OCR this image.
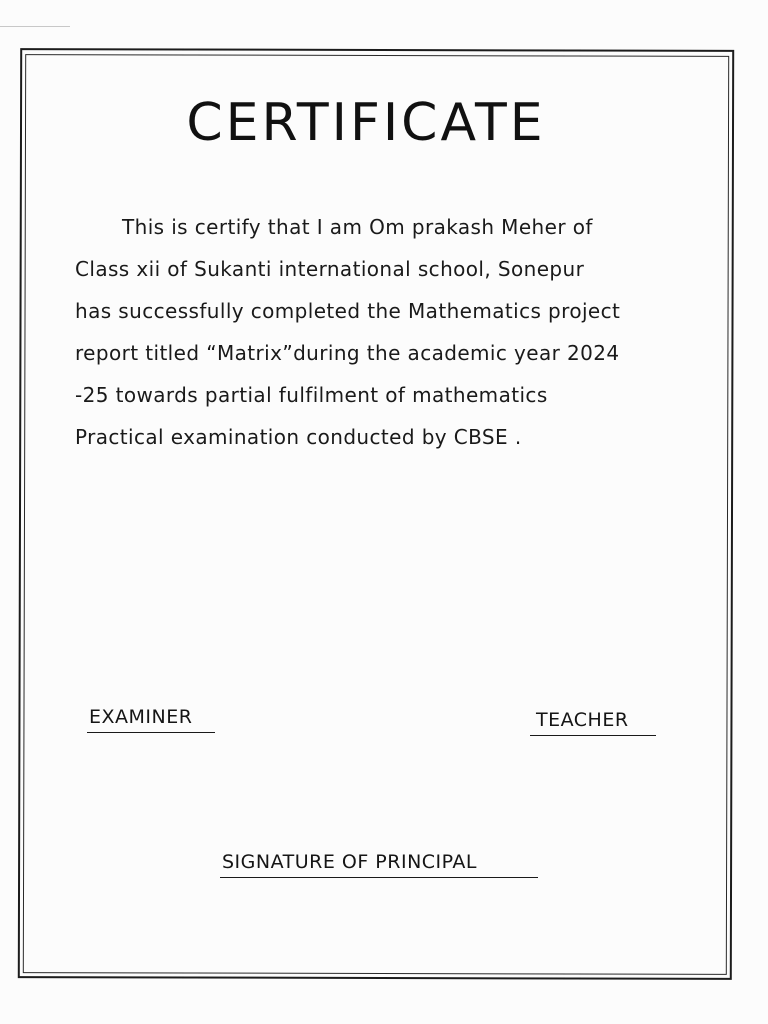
CERTIFICATE
This is certify that I am Om prakash Meher of
Class xii of Sukanti international school, Sonepur
has successfully completed the Mathematics project
report titled “Matrix”during the academic year 2024
-25 towards partial fulfilment of mathematics
Practical examination conducted by CBSE .
EXAMINER	TEACHER
SIGNATURE OF PRINCIPAL
